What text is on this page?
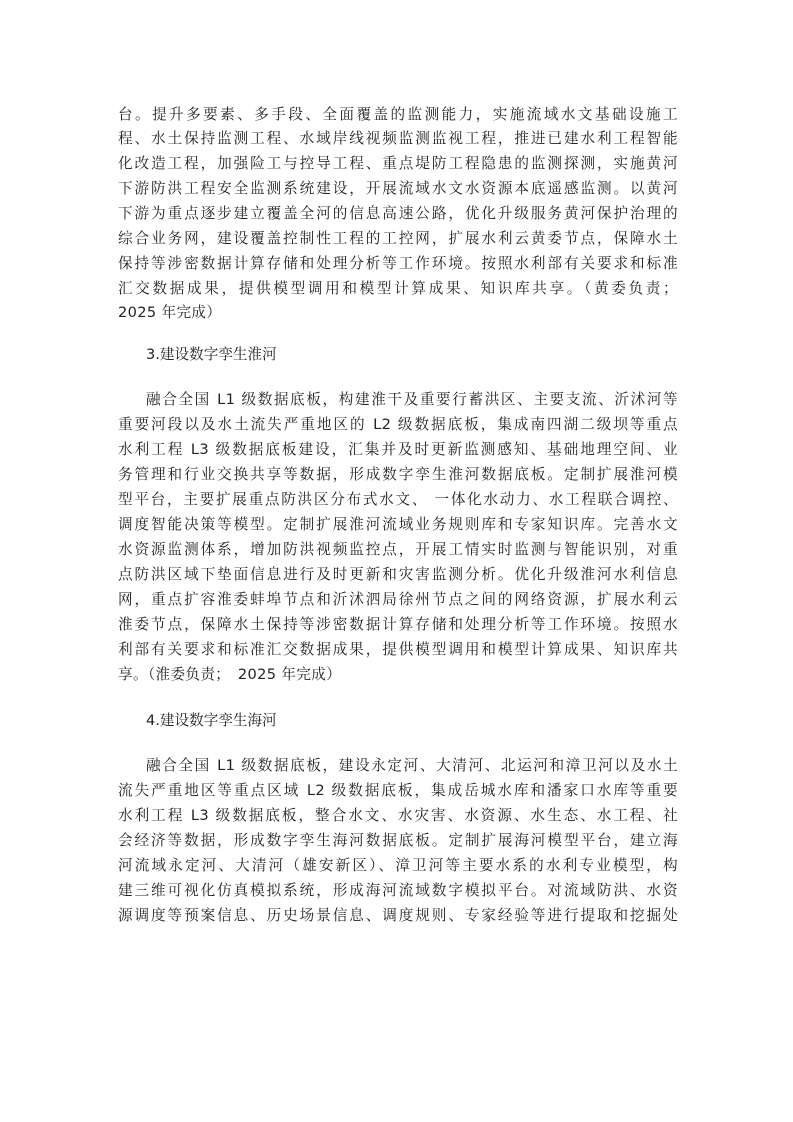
台。提升多要素、多手段、全面覆盖的监测能力，实施流域水文基础设施工
程、水土保持监测工程、水域岸线视频监测监视工程，推进已建水利工程智能
化改造工程，加强险工与控导工程、重点堤防工程隐患的监测探测，实施黄河
下游防洪工程安全监测系统建设，开展流域水文水资源本底遥感监测。以黄河
下游为重点逐步建立覆盖全河的信息高速公路，优化升级服务黄河保护治理的
综合业务网，建设覆盖控制性工程的工控网，扩展水利云黄委节点，保障水土
保持等涉密数据计算存储和处理分析等工作环境。按照水利部有关要求和标准
汇交数据成果，提供模型调用和模型计算成果、知识库共享。（黄委负责；
2025 年完成）
3.建设数字孪生淮河
融合全国 L1 级数据底板，构建淮干及重要行蓄洪区、主要支流、沂沭河等
重要河段以及水土流失严重地区的 L2 级数据底板，集成南四湖二级坝等重点
水利工程 L3 级数据底板建设，汇集并及时更新监测感知、基础地理空间、业
务管理和行业交换共享等数据，形成数字孪生淮河数据底板。定制扩展淮河模
型平台，主要扩展重点防洪区分布式水文、 一体化水动力、水工程联合调控、
调度智能决策等模型。定制扩展淮河流域业务规则库和专家知识库。完善水文
水资源监测体系，增加防洪视频监控点，开展工情实时监测与智能识别，对重
点防洪区域下垫面信息进行及时更新和灾害监测分析。优化升级淮河水利信息
网，重点扩容淮委蚌埠节点和沂沭泗局徐州节点之间的网络资源，扩展水利云
淮委节点，保障水土保持等涉密数据计算存储和处理分析等工作环境。按照水
利部有关要求和标准汇交数据成果，提供模型调用和模型计算成果、知识库共
享。（淮委负责；　2025 年完成）
4.建设数字孪生海河
融合全国 L1 级数据底板，建设永定河、大清河、北运河和漳卫河以及水土
流失严重地区等重点区域 L2 级数据底板，集成岳城水库和潘家口水库等重要
水利工程 L3 级数据底板，整合水文、水灾害、水资源、水生态、水工程、社
会经济等数据，形成数字孪生海河数据底板。定制扩展海河模型平台，建立海
河流域永定河、大清河（雄安新区）、漳卫河等主要水系的水利专业模型，构
建三维可视化仿真模拟系统，形成海河流域数字模拟平台。对流域防洪、水资
源调度等预案信息、历史场景信息、调度规则、专家经验等进行提取和挖掘处
